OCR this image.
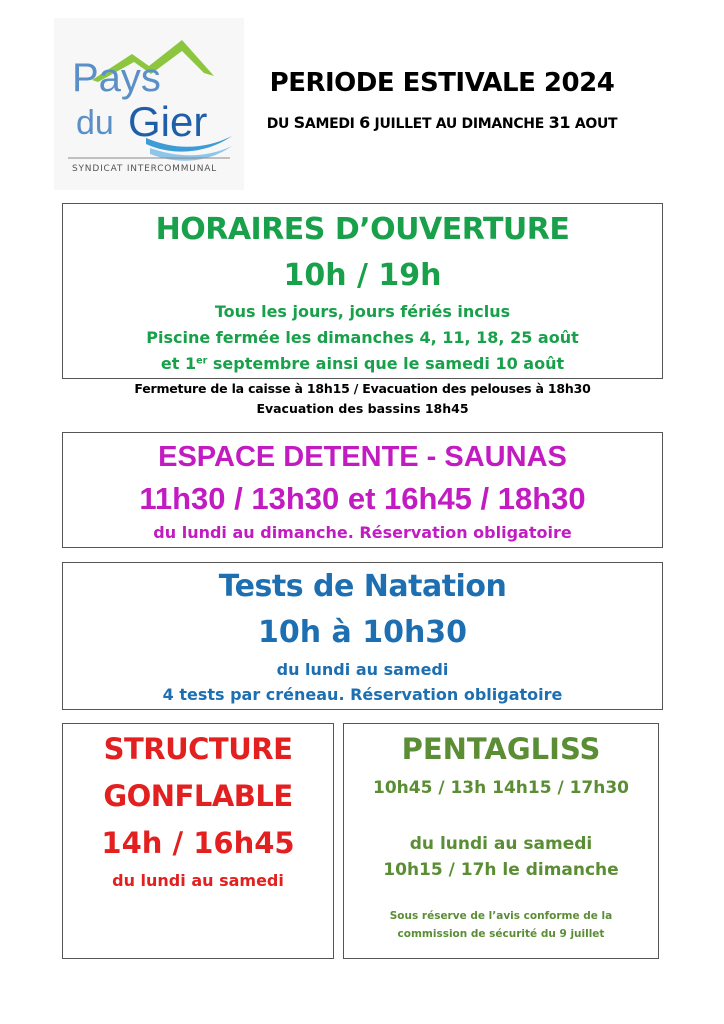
Pays
du Gier
SYNDICAT INTERCOMMUNAL
PERIODE ESTIVALE 2024
DU SAMEDI 6 JUILLET AU DIMANCHE 31 AOUT
HORAIRES D’OUVERTURE
10h / 19h
Tous les jours, jours fériés inclus
Piscine fermée les dimanches 4, 11, 18, 25 août
et 1er septembre ainsi que le samedi 10 août
Fermeture de la caisse à 18h15 / Evacuation des pelouses à 18h30
Evacuation des bassins 18h45
ESPACE DETENTE - SAUNAS
11h30 / 13h30 et 16h45 / 18h30
du lundi au dimanche. Réservation obligatoire
Tests de Natation
10h à 10h30
du lundi au samedi
4 tests par créneau. Réservation obligatoire
STRUCTURE
GONFLABLE
14h / 16h45
du lundi au samedi
PENTAGLISS
10h45 / 13h 14h15 / 17h30
du lundi au samedi
10h15 / 17h le dimanche
Sous réserve de l’avis conforme de la
commission de sécurité du 9 juillet
